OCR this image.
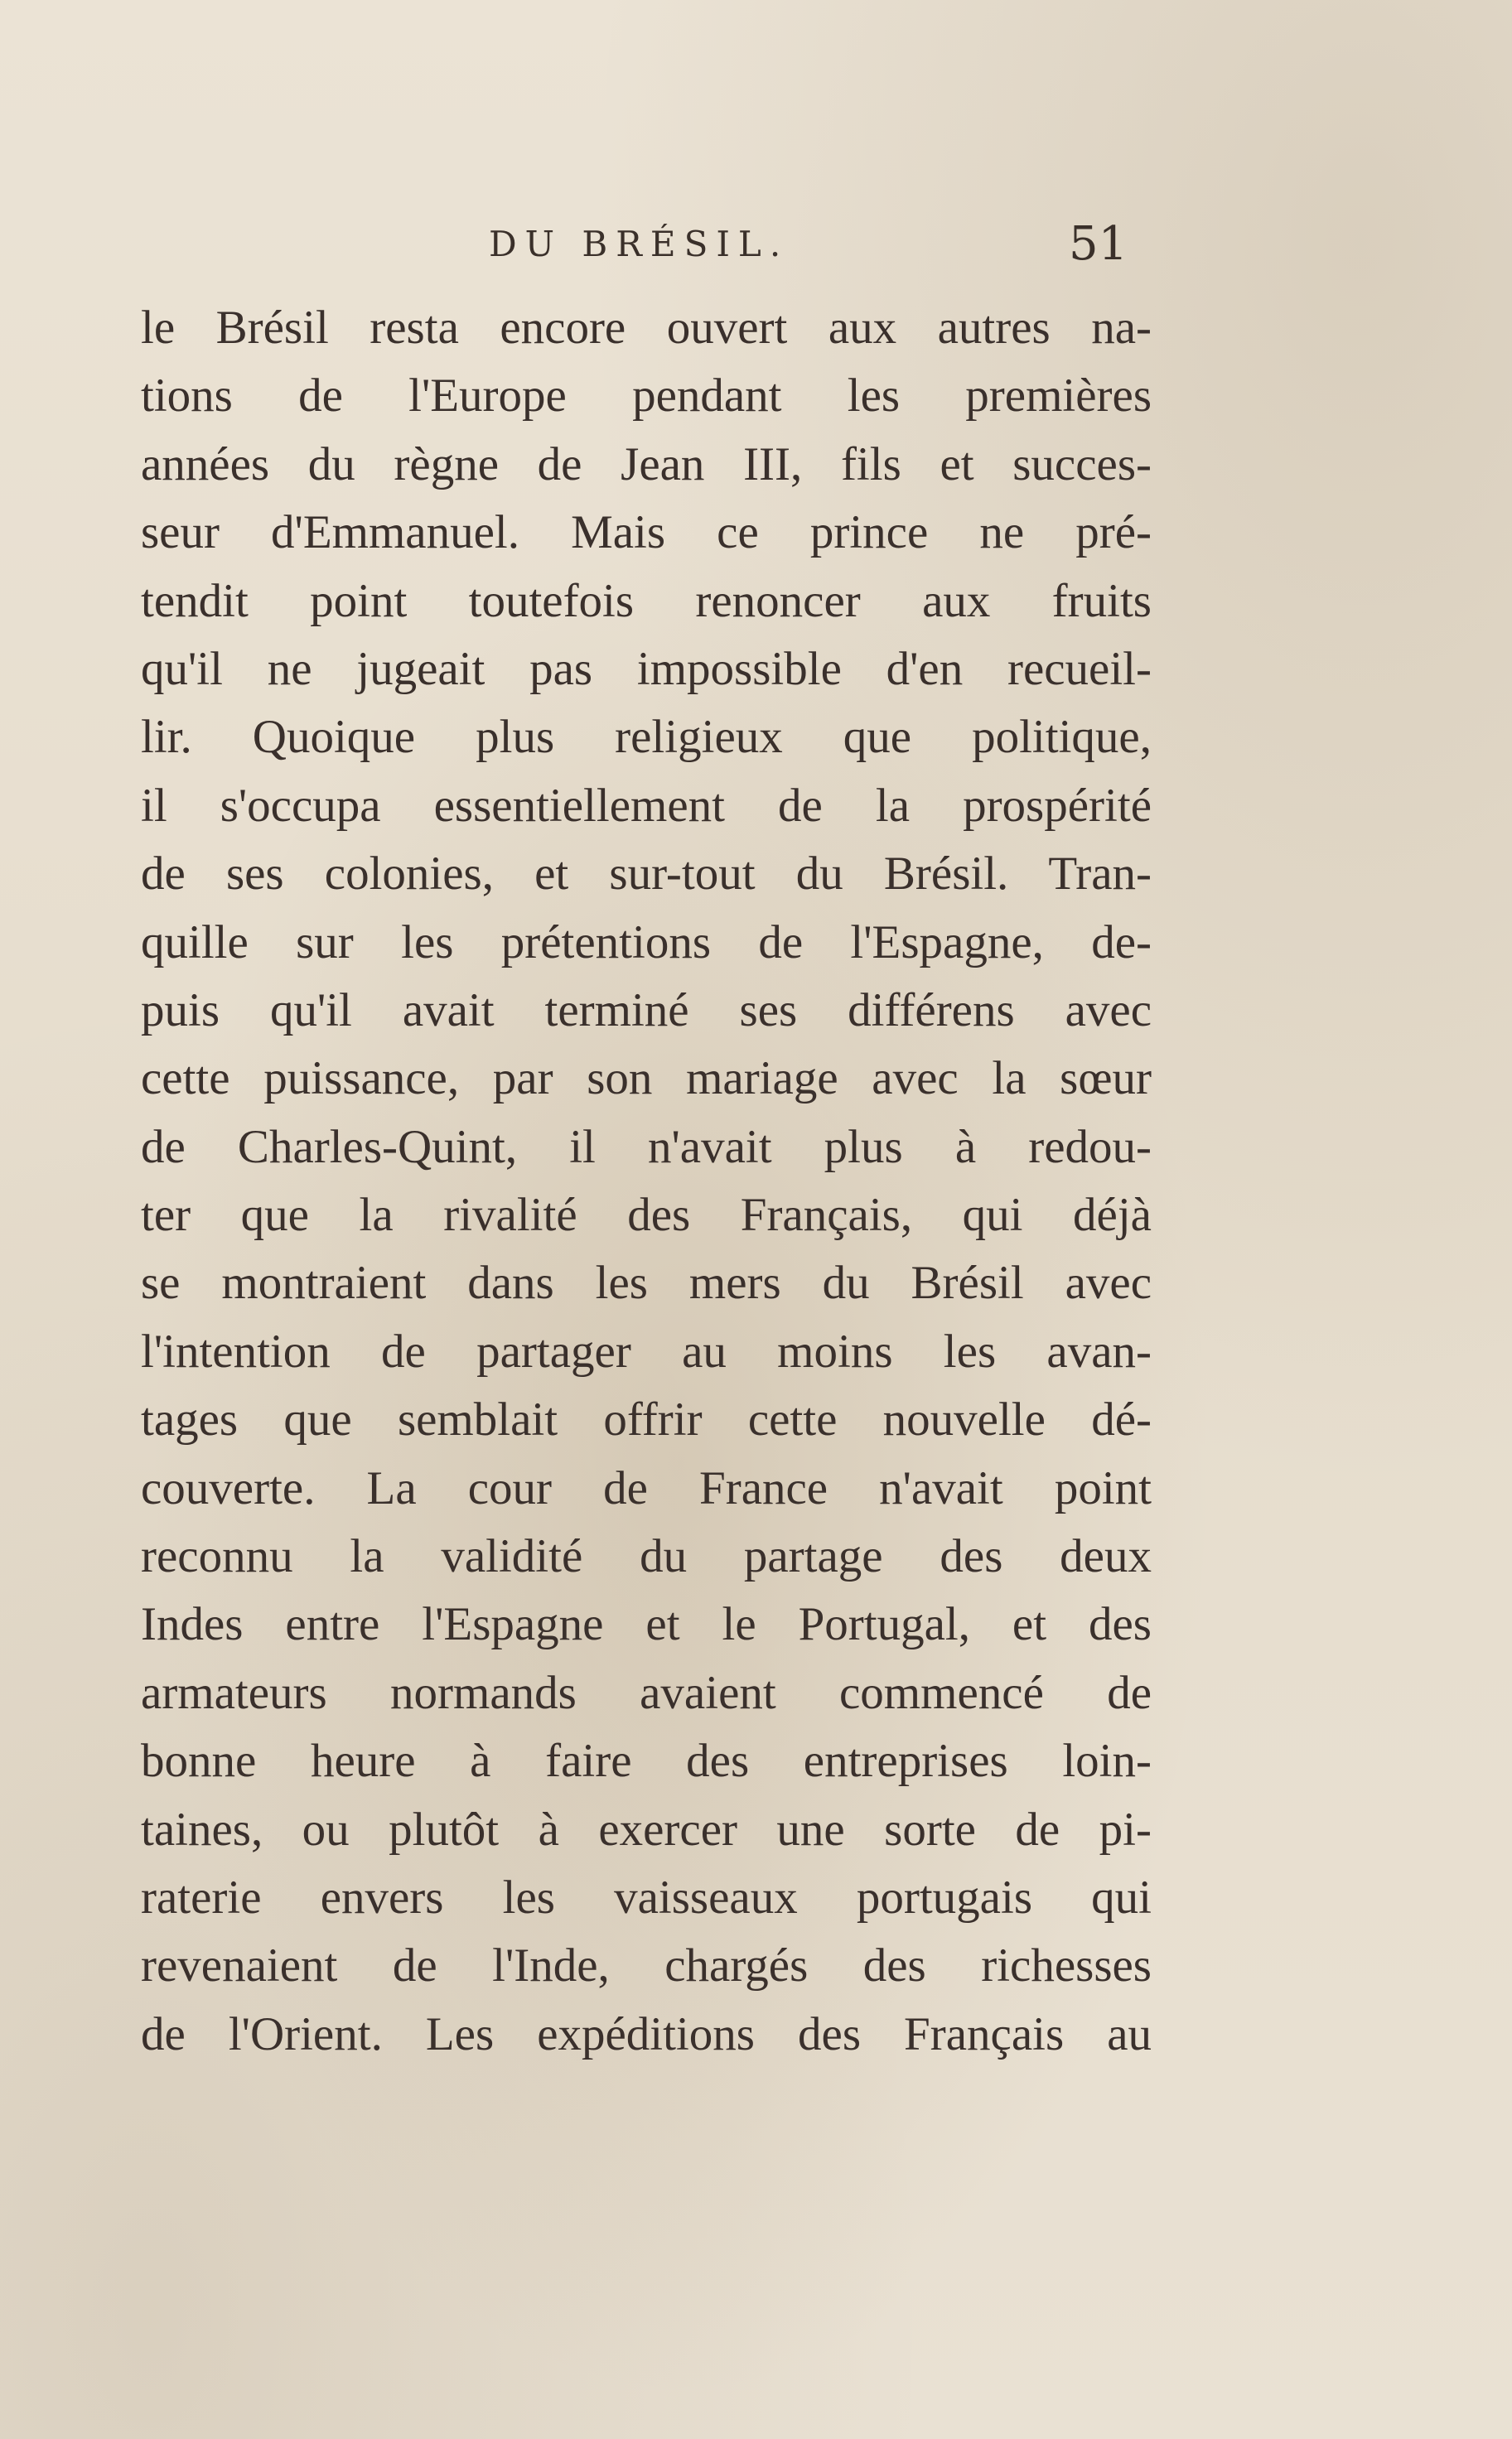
DU BRÉSIL.	51
le Brésil resta encore ouvert aux autres na-
tions de l'Europe pendant les premières
années du règne de Jean III, fils et succes-
seur d'Emmanuel. Mais ce prince ne pré-
tendit point toutefois renoncer aux fruits
qu'il ne jugeait pas impossible d'en recueil-
lir. Quoique plus religieux que politique,
il s'occupa essentiellement de la prospérité
de ses colonies, et sur-tout du Brésil. Tran-
quille sur les prétentions de l'Espagne, de-
puis qu'il avait terminé ses différens avec
cette puissance, par son mariage avec la sœur
de Charles-Quint, il n'avait plus à redou-
ter que la rivalité des Français, qui déjà
se montraient dans les mers du Brésil avec
l'intention de partager au moins les avan-
tages que semblait offrir cette nouvelle dé-
couverte. La cour de France n'avait point
reconnu la validité du partage des deux
Indes entre l'Espagne et le Portugal, et des
armateurs normands avaient commencé de
bonne heure à faire des entreprises loin-
taines, ou plutôt à exercer une sorte de pi-
raterie envers les vaisseaux portugais qui
revenaient de l'Inde, chargés des richesses
de l'Orient. Les expéditions des Français au
